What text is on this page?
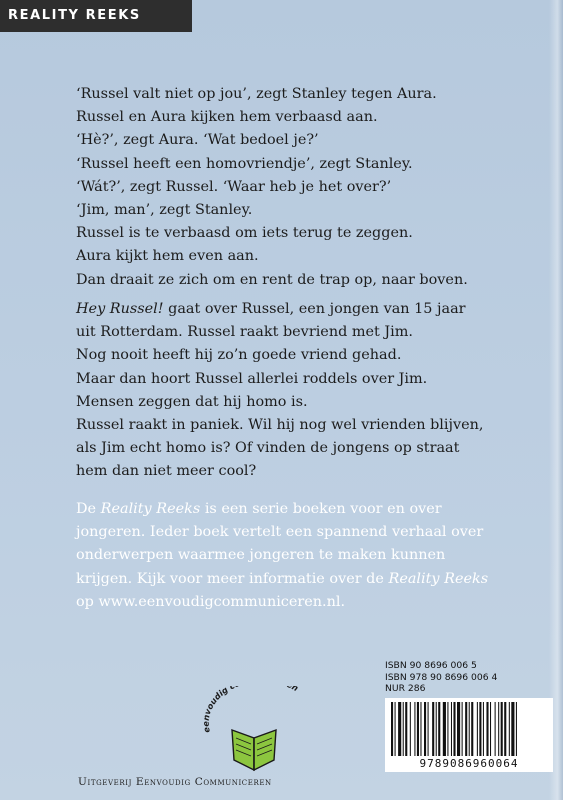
REALITY REEKS

‘Russel valt niet op jou’, zegt Stanley tegen Aura.

Russel en Aura kijken hem verbaasd aan.

‘Hè?’, zegt Aura. ‘Wat bedoel je?’

‘Russel heeft een homovriendje’, zegt Stanley.

‘Wát?’, zegt Russel. ‘Waar heb je het over?’

‘Jim, man’, zegt Stanley.

Russel is te verbaasd om iets terug te zeggen.

Aura kijkt hem even aan.

Dan draait ze zich om en rent de trap op, naar boven.

Hey Russel! gaat over Russel, een jongen van 15 jaar

uit Rotterdam. Russel raakt bevriend met Jim.

Nog nooit heeft hij zo’n goede vriend gehad.

Maar dan hoort Russel allerlei roddels over Jim.

Mensen zeggen dat hij homo is.

Russel raakt in paniek. Wil hij nog wel vrienden blijven,

als Jim echt homo is? Of vinden de jongens op straat

hem dan niet meer cool?

De Reality Reeks is een serie boeken voor en over

jongeren. Ieder boek vertelt een spannend verhaal over

onderwerpen waarmee jongeren te maken kunnen

krijgen. Kijk voor meer informatie over de Reality Reeks

op www.eenvoudigcommuniceren.nl.

eenvoudig n
Uitgeverij Eenvoudig Communiceren
ISBN 90 8696 006 5
ISBN 978 90 8696 006 4
NUR 286
9789086960064
